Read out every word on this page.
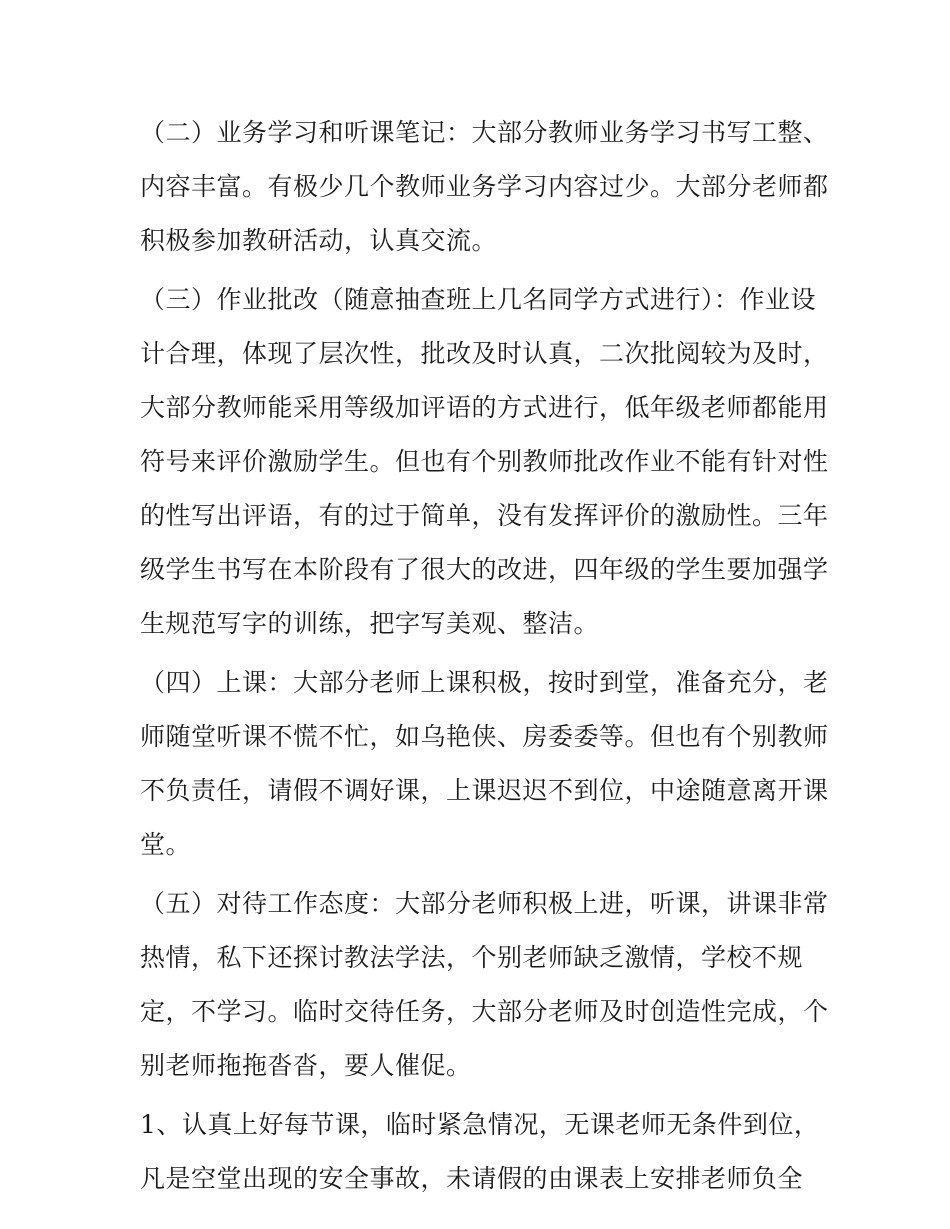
（二）业务学习和听课笔记：大部分教师业务学习书写工整、
内容丰富。有极少几个教师业务学习内容过少。大部分老师都
积极参加教研活动，认真交流。
（三）作业批改（随意抽查班上几名同学方式进行）：作业设
计合理，体现了层次性，批改及时认真，二次批阅较为及时，
大部分教师能采用等级加评语的方式进行，低年级老师都能用
符号来评价激励学生。但也有个别教师批改作业不能有针对性
的性写出评语，有的过于简单，没有发挥评价的激励性。三年
级学生书写在本阶段有了很大的改进，四年级的学生要加强学
生规范写字的训练，把字写美观、整洁。
（四）上课：大部分老师上课积极，按时到堂，准备充分，老
师随堂听课不慌不忙，如乌艳侠、房委委等。但也有个别教师
不负责任，请假不调好课，上课迟迟不到位，中途随意离开课
堂。
（五）对待工作态度：大部分老师积极上进，听课，讲课非常
热情，私下还探讨教法学法，个别老师缺乏激情，学校不规
定，不学习。临时交待任务，大部分老师及时创造性完成，个
别老师拖拖沓沓，要人催促。
1、认真上好每节课，临时紧急情况，无课老师无条件到位，
凡是空堂出现的安全事故，未请假的由课表上安排老师负全
